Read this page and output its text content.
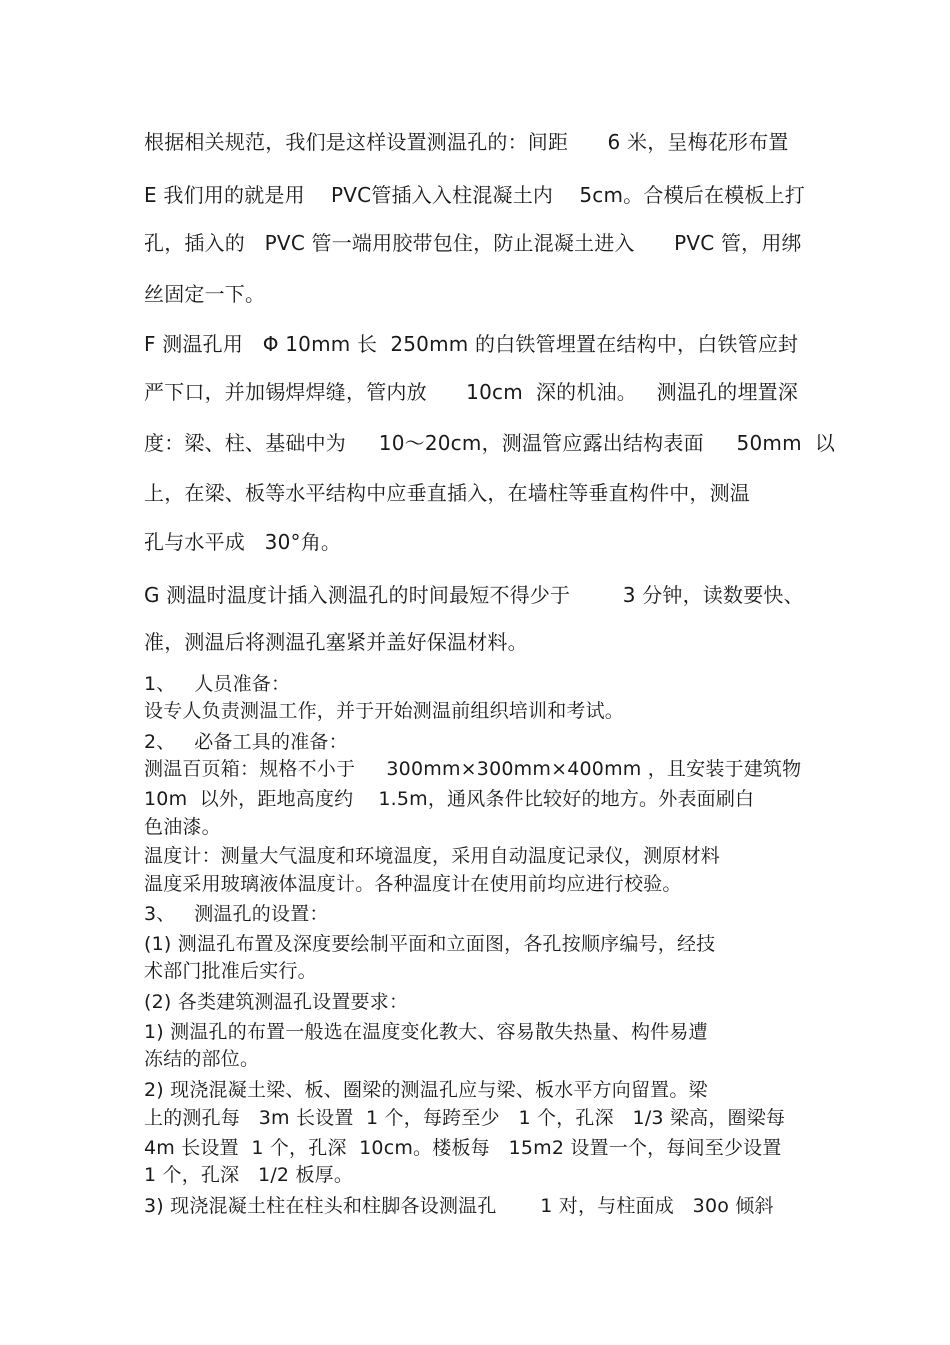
根据相关规范，我们是这样设置测温孔的：间距      6 米，呈梅花形布置
E 我们用的就是用    PVC管插入入柱混凝土内    5cm。合模后在模板上打
孔，插入的   PVC 管一端用胶带包住，防止混凝土进入      PVC 管，用绑
丝固定一下。
F 测温孔用   Φ 10mm 长  250mm 的白铁管埋置在结构中，白铁管应封
严下口，并加锡焊焊缝，管内放      10cm  深的机油。   测温孔的埋置深
度：梁、柱、基础中为     10～20cm，测温管应露出结构表面     50mm  以
上，在梁、板等水平结构中应垂直插入，在墙柱等垂直构件中，测温
孔与水平成   30°角。
G 测温时温度计插入测温孔的时间最短不得少于        3 分钟，读数要快、
准，测温后将测温孔塞紧并盖好保温材料。
1、   人员准备：
设专人负责测温工作，并于开始测温前组织培训和考试。
2、   必备工具的准备：
测温百页箱：规格不小于     300mm×300mm×400mm ，且安装于建筑物
10m  以外，距地高度约    1.5m，通风条件比较好的地方。外表面刷白
色油漆。
温度计：测量大气温度和环境温度，采用自动温度记录仪，测原材料
温度采用玻璃液体温度计。各种温度计在使用前均应进行校验。
3、   测温孔的设置：
(1) 测温孔布置及深度要绘制平面和立面图，各孔按顺序编号，经技
术部门批准后实行。
(2) 各类建筑测温孔设置要求：
1) 测温孔的布置一般选在温度变化教大、容易散失热量、构件易遭
冻结的部位。
2) 现浇混凝土梁、板、圈梁的测温孔应与梁、板水平方向留置。梁
上的测孔每   3m 长设置  1 个，每跨至少   1 个，孔深   1/3 梁高，圈梁每
4m 长设置  1 个，孔深  10cm。楼板每   15m2 设置一个，每间至少设置
1 个，孔深   1/2 板厚。
3) 现浇混凝土柱在柱头和柱脚各设测温孔       1 对，与柱面成   30o 倾斜
